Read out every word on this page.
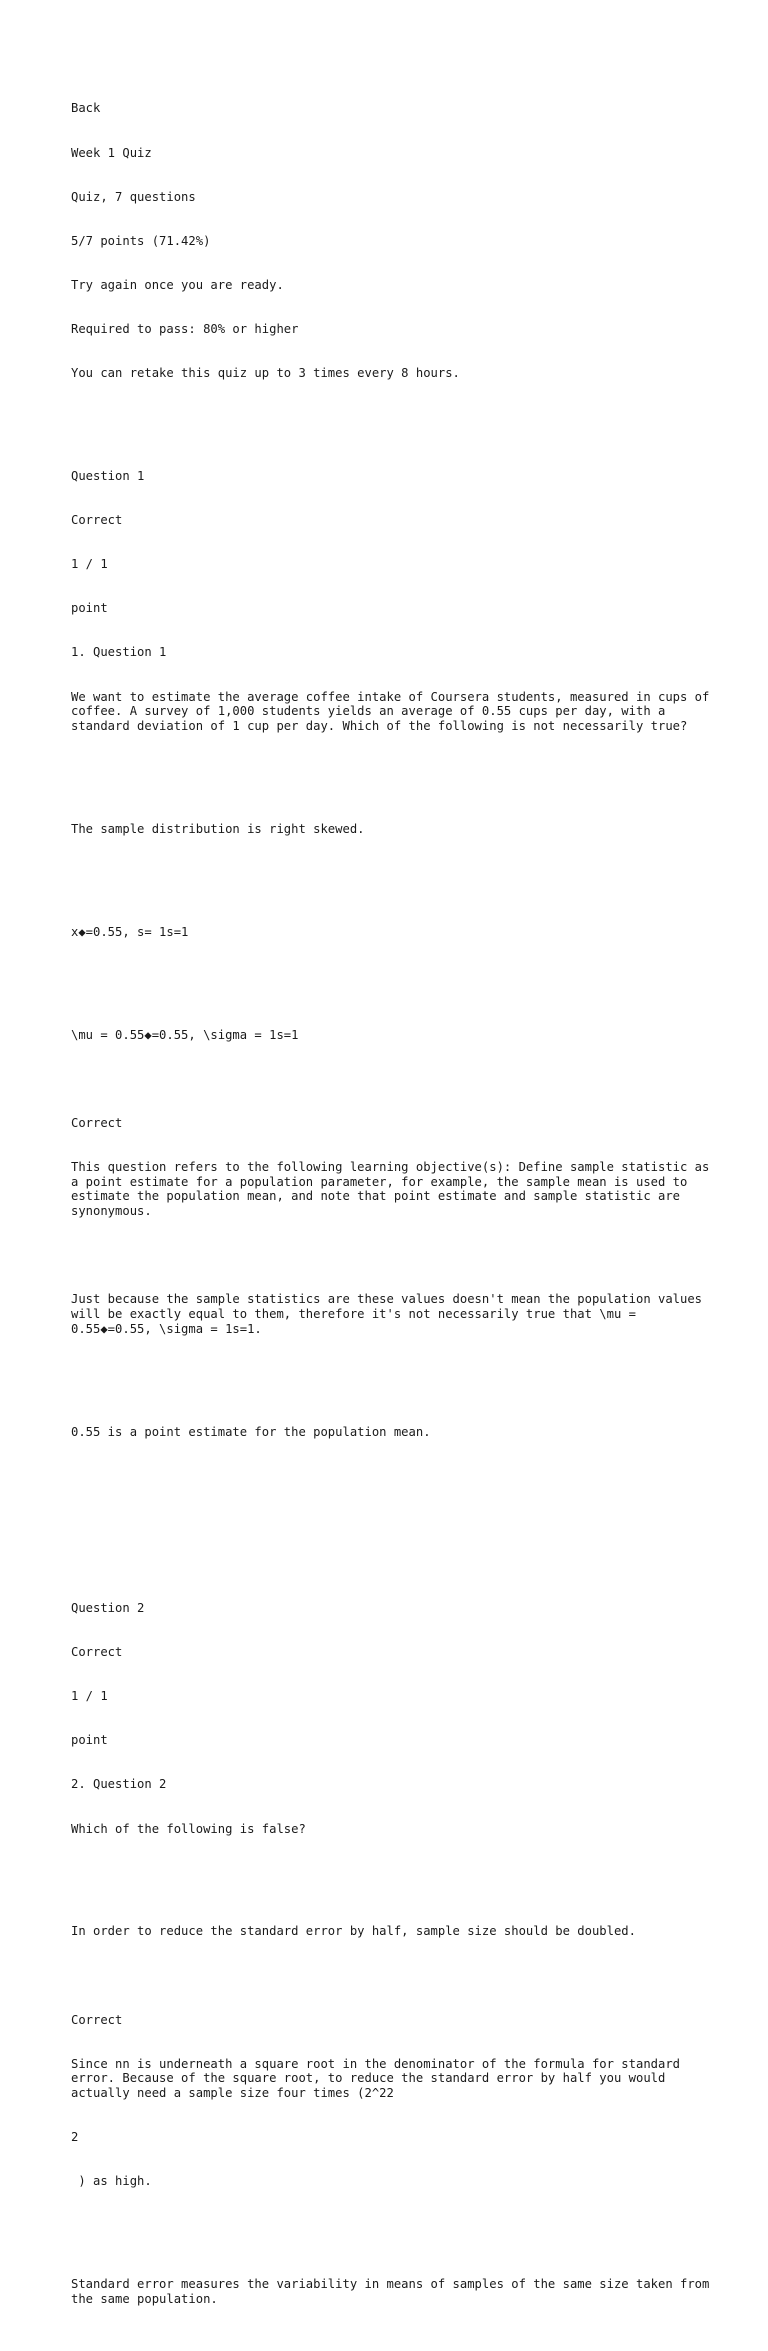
Back

Week 1 Quiz

Quiz, 7 questions

5/7 points (71.42%)

Try again once you are ready.

Required to pass: 80% or higher

You can retake this quiz up to 3 times every 8 hours.

Question 1

Correct

1 / 1

point

1. Question 1

We want to estimate the average coffee intake of Coursera students, measured in cups of coffee. A survey of 1,000 students yields an average of 0.55 cups per day, with a standard deviation of 1 cup per day. Which of the following is not necessarily true?

The sample distribution is right skewed.

x◆=0.55, s= 1s=1

\mu = 0.55◆=0.55, \sigma = 1s=1

Correct

This question refers to the following learning objective(s): Define sample statistic as a point estimate for a population parameter, for example, the sample mean is used to estimate the population mean, and note that point estimate and sample statistic are synonymous.

Just because the sample statistics are these values doesn't mean the population values will be exactly equal to them, therefore it's not necessarily true that \mu = 0.55◆=0.55, \sigma = 1s=1.

0.55 is a point estimate for the population mean.

Question 2

Correct

1 / 1

point

2. Question 2

Which of the following is false?

In order to reduce the standard error by half, sample size should be doubled.

Correct

Since nn is underneath a square root in the denominator of the formula for standard error. Because of the square root, to reduce the standard error by half you would actually need a sample size four times (2^22

2

) as high.

Standard error measures the variability in means of samples of the same size taken from the same population.
